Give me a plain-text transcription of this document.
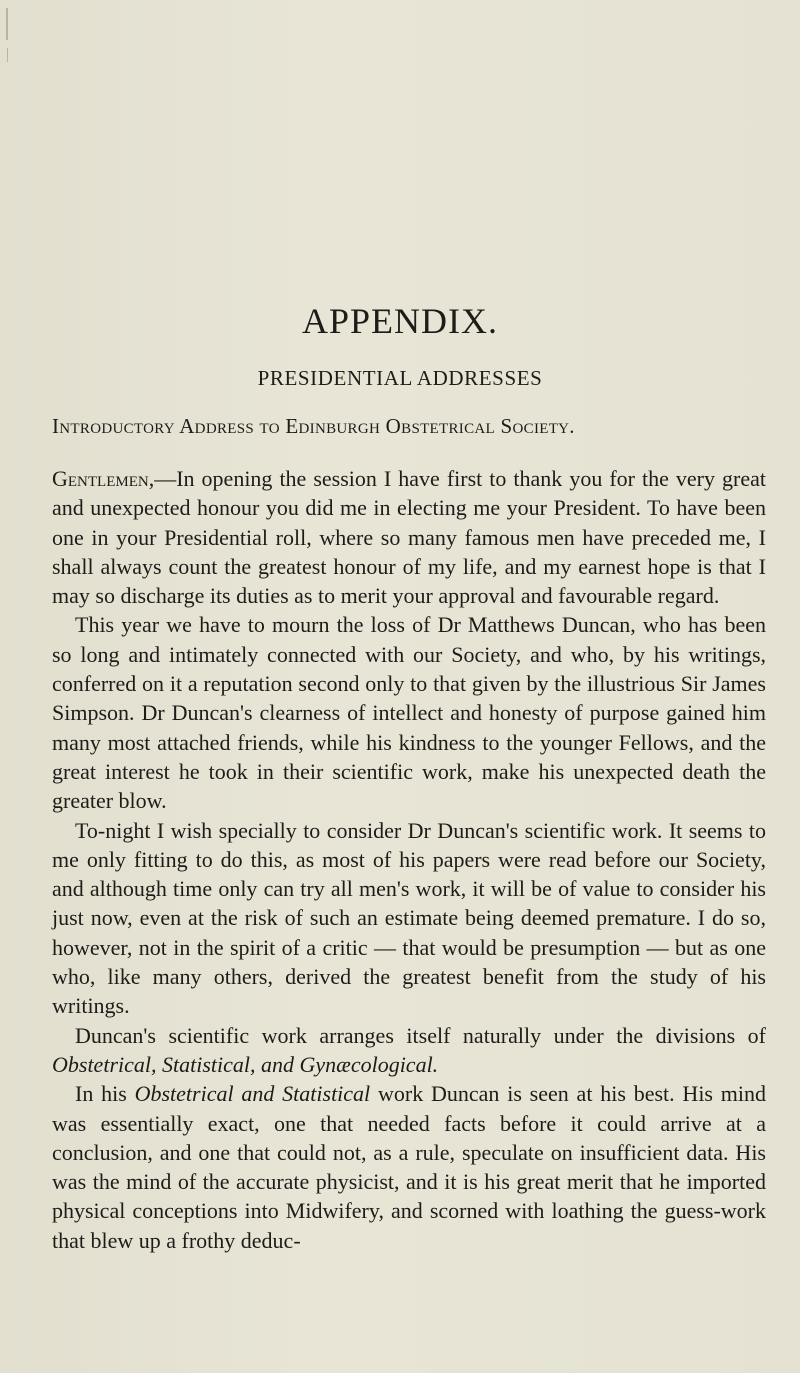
APPENDIX.
PRESIDENTIAL ADDRESSES
Introductory Address to Edinburgh Obstetrical Society.

Gentlemen,—In opening the session I have first to thank you for the very great and unexpected honour you did me in electing me your President. To have been one in your Presidential roll, where so many famous men have preceded me, I shall always count the greatest honour of my life, and my earnest hope is that I may so discharge its duties as to merit your approval and favourable regard.

This year we have to mourn the loss of Dr Matthews Duncan, who has been so long and intimately connected with our Society, and who, by his writings, conferred on it a reputation second only to that given by the illustrious Sir James Simpson. Dr Duncan's clearness of intellect and honesty of purpose gained him many most attached friends, while his kindness to the younger Fellows, and the great interest he took in their scientific work, make his unexpected death the greater blow.

To-night I wish specially to consider Dr Duncan's scientific work. It seems to me only fitting to do this, as most of his papers were read before our Society, and although time only can try all men's work, it will be of value to consider his just now, even at the risk of such an estimate being deemed premature. I do so, however, not in the spirit of a critic — that would be presumption — but as one who, like many others, derived the greatest benefit from the study of his writings.

Duncan's scientific work arranges itself naturally under the divisions of Obstetrical, Statistical, and Gynæcological.

In his Obstetrical and Statistical work Duncan is seen at his best. His mind was essentially exact, one that needed facts before it could arrive at a conclusion, and one that could not, as a rule, speculate on insufficient data. His was the mind of the accurate physicist, and it is his great merit that he imported physical conceptions into Midwifery, and scorned with loathing the guess-work that blew up a frothy deduc-
